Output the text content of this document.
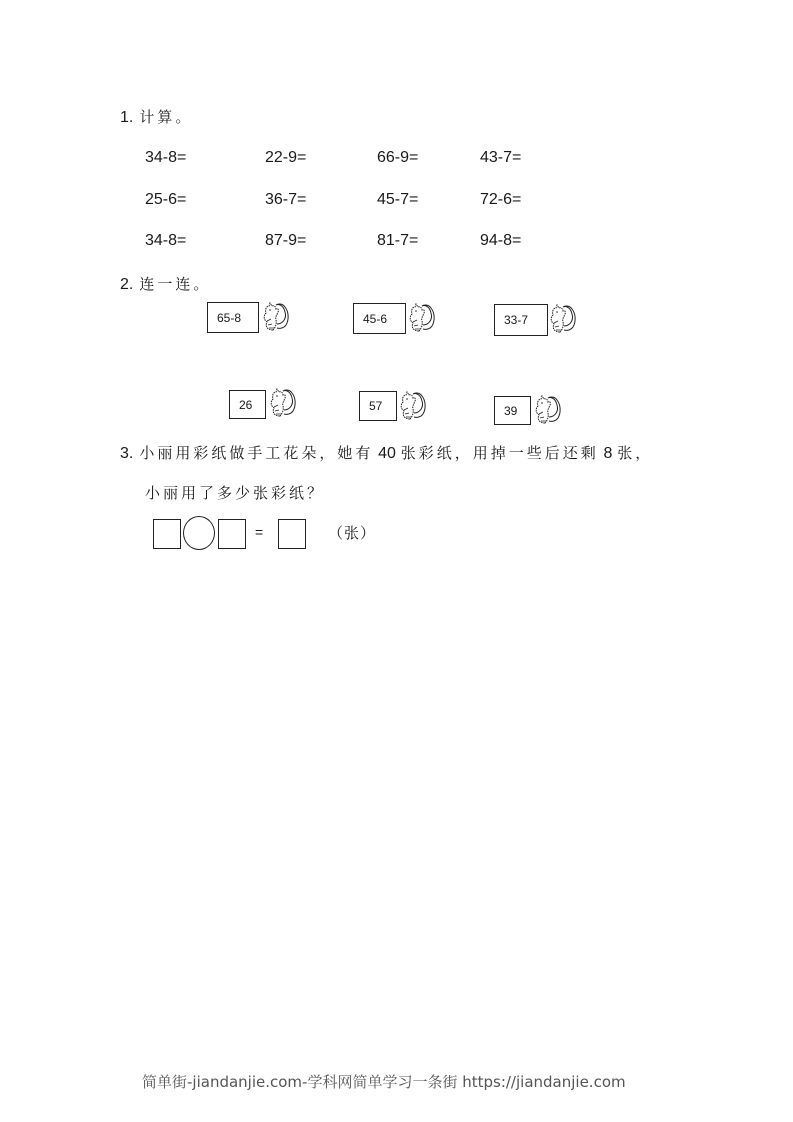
1. 计算。
34-8=	22-9=	66-9=	43-7=
25-6=	36-7=	45-7=	72-6=
34-8=	87-9=	81-7=	94-8=
2. 连一连。
65-8	45-6	33-7
26	57	39
3. 小丽用彩纸做手工花朵，她有 40 张彩纸，用掉一些后还剩 8 张，
小丽用了多少张彩纸？
=	（张）
简单街-jiandanjie.com-学科网简单学习一条街 https://jiandanjie.com
